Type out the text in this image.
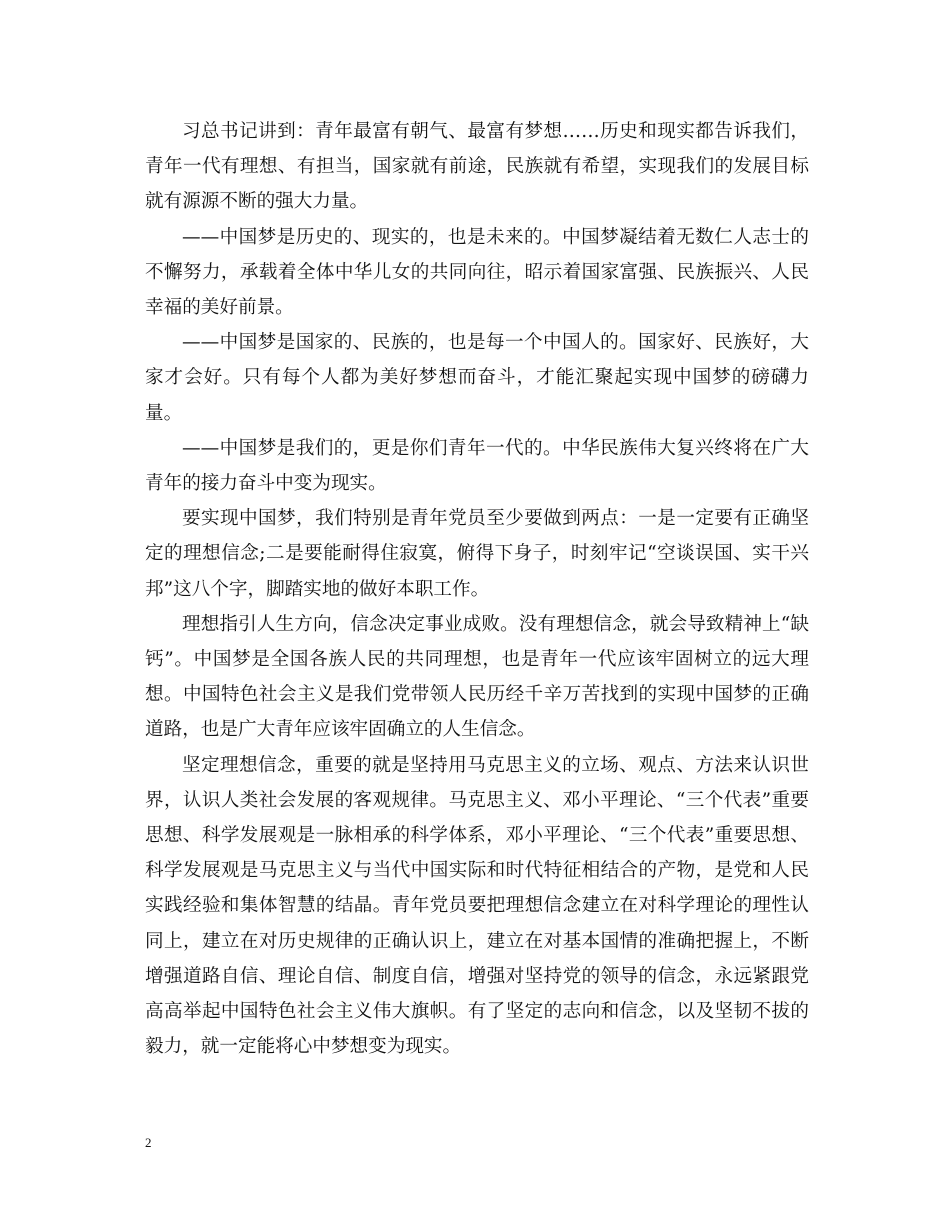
习总书记讲到：青年最富有朝气、最富有梦想……历史和现实都告诉我们，青年一代有理想、有担当，国家就有前途，民族就有希望，实现我们的发展目标就有源源不断的强大力量。

——中国梦是历史的、现实的，也是未来的。中国梦凝结着无数仁人志士的不懈努力，承载着全体中华儿女的共同向往，昭示着国家富强、民族振兴、人民幸福的美好前景。

——中国梦是国家的、民族的，也是每一个中国人的。国家好、民族好，大家才会好。只有每个人都为美好梦想而奋斗，才能汇聚起实现中国梦的磅礴力量。

——中国梦是我们的，更是你们青年一代的。中华民族伟大复兴终将在广大青年的接力奋斗中变为现实。

要实现中国梦，我们特别是青年党员至少要做到两点：一是一定要有正确坚定的理想信念;二是要能耐得住寂寞，俯得下身子，时刻牢记“空谈误国、实干兴邦”这八个字，脚踏实地的做好本职工作。

理想指引人生方向，信念决定事业成败。没有理想信念，就会导致精神上“缺钙”。中国梦是全国各族人民的共同理想，也是青年一代应该牢固树立的远大理想。中国特色社会主义是我们党带领人民历经千辛万苦找到的实现中国梦的正确道路，也是广大青年应该牢固确立的人生信念。

坚定理想信念，重要的就是坚持用马克思主义的立场、观点、方法来认识世界，认识人类社会发展的客观规律。马克思主义、邓小平理论、“三个代表”重要思想、科学发展观是一脉相承的科学体系，邓小平理论、“三个代表”重要思想、科学发展观是马克思主义与当代中国实际和时代特征相结合的产物，是党和人民实践经验和集体智慧的结晶。青年党员要把理想信念建立在对科学理论的理性认同上，建立在对历史规律的正确认识上，建立在对基本国情的准确把握上，不断增强道路自信、理论自信、制度自信，增强对坚持党的领导的信念，永远紧跟党高高举起中国特色社会主义伟大旗帜。有了坚定的志向和信念，以及坚韧不拔的毅力，就一定能将心中梦想变为现实。

2
